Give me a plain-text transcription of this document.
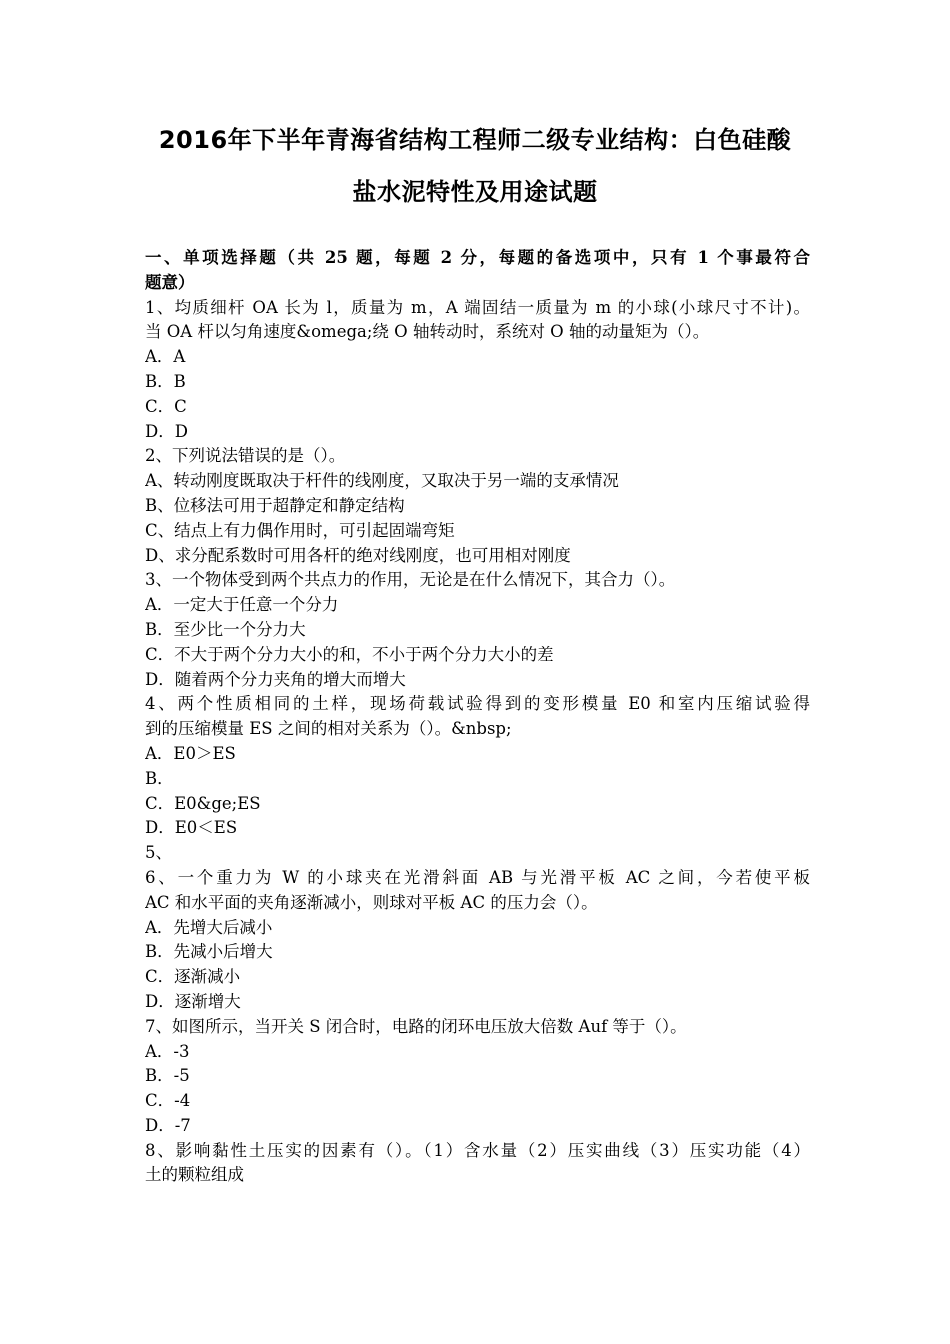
2016年下半年青海省结构工程师二级专业结构：白色硅酸
盐水泥特性及用途试题
一、单项选择题（共 25 题，每题 2 分，每题的备选项中，只有 1 个事最符合
题意）
1、均质细杆 OA 长为 l，质量为 m，A 端固结一质量为 m 的小球(小球尺寸不计)。
当 OA 杆以匀角速度&omega;绕 O 轴转动时，系统对 O 轴的动量矩为（）。
A．A
B．B
C．C
D．D
2、下列说法错误的是（）。
A、转动刚度既取决于杆件的线刚度，又取决于另一端的支承情况
B、位移法可用于超静定和静定结构
C、结点上有力偶作用时，可引起固端弯矩
D、求分配系数时可用各杆的绝对线刚度，也可用相对刚度
3、一个物体受到两个共点力的作用，无论是在什么情况下，其合力（）。
A．一定大于任意一个分力
B．至少比一个分力大
C．不大于两个分力大小的和，不小于两个分力大小的差
D．随着两个分力夹角的增大而增大
4、两个性质相同的土样，现场荷载试验得到的变形模量 E0 和室内压缩试验得
到的压缩模量 ES 之间的相对关系为（）。&nbsp;
A．E0＞ES
B．
C．E0&ge;ES
D．E0＜ES
5、
6、一个重力为 W 的小球夹在光滑斜面 AB 与光滑平板 AC 之间，今若使平板
AC 和水平面的夹角逐渐减小，则球对平板 AC 的压力会（）。
A．先增大后减小
B．先减小后增大
C．逐渐减小
D．逐渐增大
7、如图所示，当开关 S 闭合时，电路的闭环电压放大倍数 Auf 等于（）。
A．-3
B．-5
C．-4
D．-7
8、影响黏性土压实的因素有（）。（1）含水量（2）压实曲线（3）压实功能（4）
土的颗粒组成
